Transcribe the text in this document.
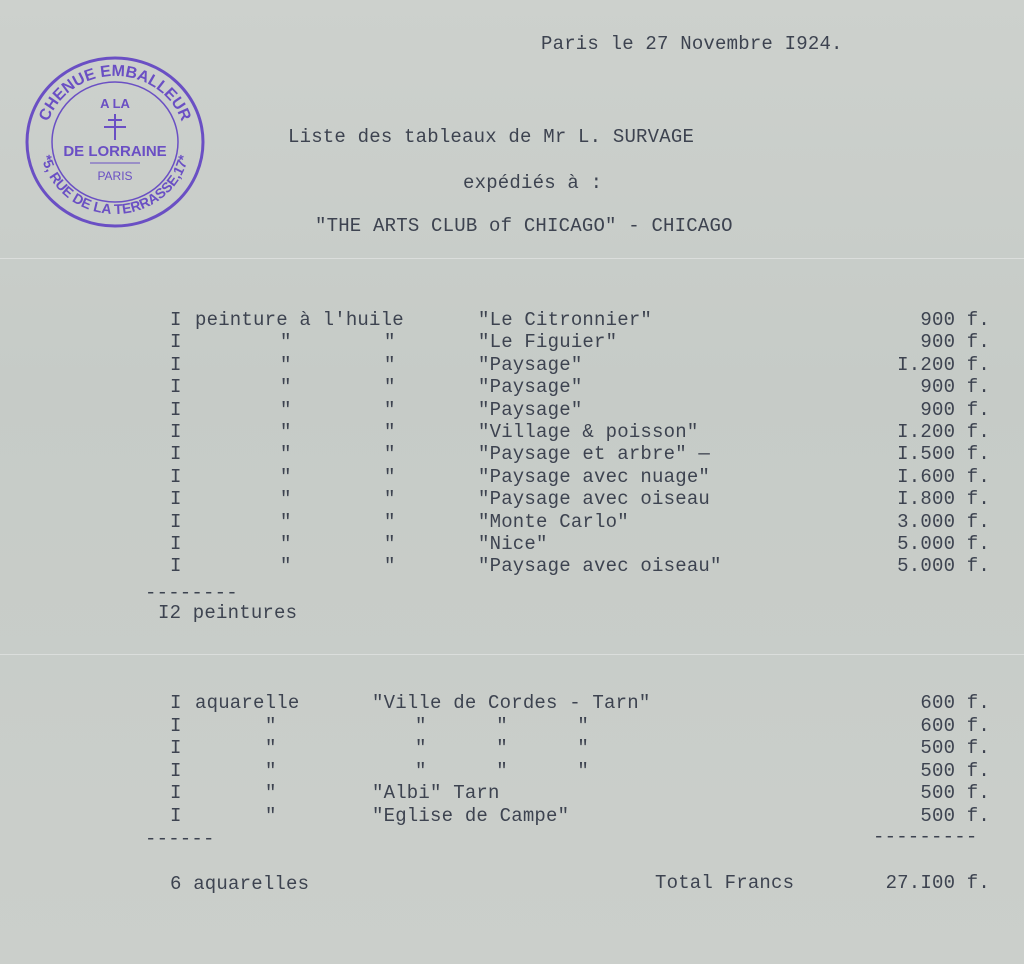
CHENUE EMBALLEUR
*5, RUE DE LA TERRASSE,17*
A LA
DE LORRAINE
PARIS
Paris le 27 Novembre I924.
Liste des tableaux de Mr L. SURVAGE
expédiés à :
"THE ARTS CLUB of CHICAGO" - CHICAGO
I peinture à l'huile	"Le Citronnier"	900 f.
I	"	"	"Le Figuier"	900 f.
I	"	"	"Paysage"	I.200 f.
I	"	"	"Paysage"	900 f.
I	"	"	"Paysage"	900 f.
I	"	"	"Village & poisson"	I.200 f.
I	"	"	"Paysage et arbre" —	I.500 f.
I	"	"	"Paysage avec nuage"	I.600 f.
I	"	"	"Paysage avec oiseau	I.800 f.
I	"	"	"Monte Carlo"	3.000 f.
I	"	"	"Nice"	5.000 f.
I	"	"	"Paysage avec oiseau"	5.000 f.
--------
I2 peintures
I aquarelle	"Ville de Cordes - Tarn"	600 f.
I	"	"      "      "	600 f.
I	"	"      "      "	500 f.
I	"	"      "      "	500 f.
I	"	"Albi" Tarn	500 f.
I	"	"Eglise de Campe"	500 f.
------	---------
6 aquarelles	Total Francs	27.I00 f.
